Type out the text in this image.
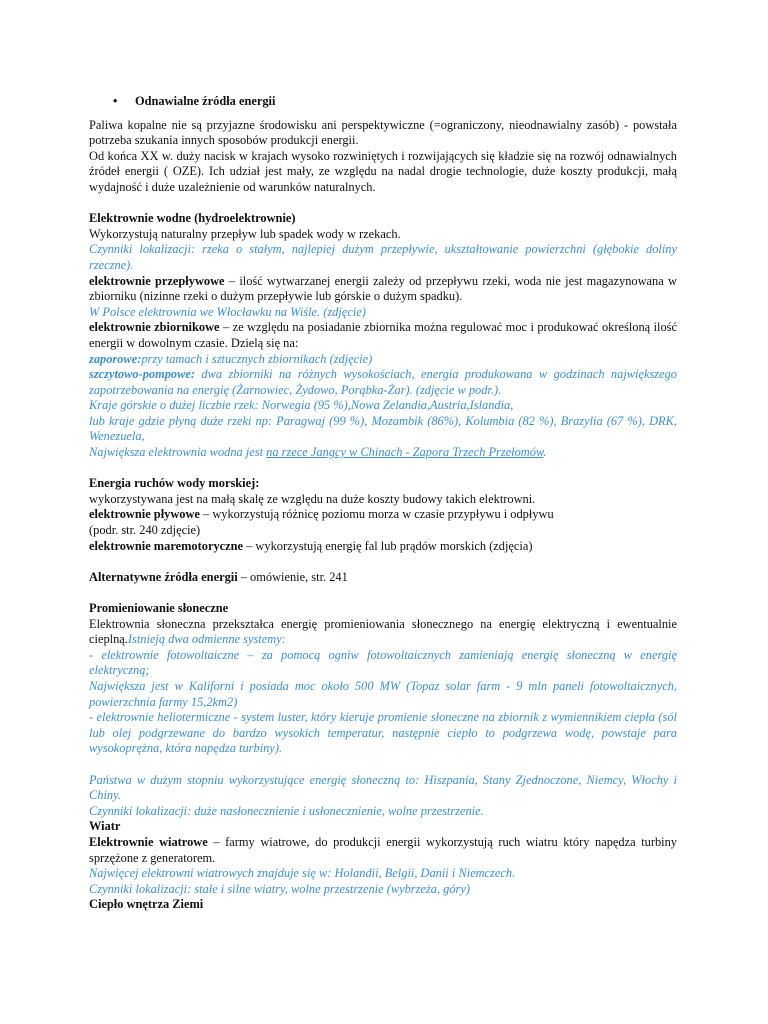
• Odnawialne źródła energii

Paliwa kopalne nie są przyjazne środowisku ani perspektywiczne (=ograniczony, nieodnawialny zasób) - powstała potrzeba szukania innych sposobów produkcji energii.

Od końca XX w. duży nacisk w krajach wysoko rozwiniętych i rozwijających się kładzie się na rozwój odnawialnych źródeł energii ( OZE). Ich udział jest mały, ze względu na nadal drogie technologie, duże koszty produkcji, małą wydajność i duże uzależnienie od warunków naturalnych.

Elektrownie wodne (hydroelektrownie)

Wykorzystują naturalny przepływ lub spadek wody w rzekach.

Czynniki lokalizacji: rzeka o stałym, najlepiej dużym przepływie, ukształtowanie powierzchni (głębokie doliny rzeczne).

elektrownie przepływowe – ilość wytwarzanej energii zależy od przepływu rzeki, woda nie jest magazynowana w zbiorniku (nizinne rzeki o dużym przepływie lub górskie o dużym spadku).

W Polsce elektrownia we Włocławku na Wiśle. (zdjęcie)

elektrownie zbiornikowe – ze względu na posiadanie zbiornika można regulować moc i produkować określoną ilość energii w dowolnym czasie. Dzielą się na:

zaporowe:przy tamach i sztucznych zbiornikach (zdjęcie)

szczytowo-pompowe: dwa zbiorniki na różnych wysokościach, energia produkowana w godzinach największego zapotrzebowania na energię (Żarnowiec, Żydowo, Porąbka-Żar). (zdjęcie w podr.).

Kraje górskie o dużej liczbie rzek: Norwegia (95 %),Nowa Zelandia,Austria,Islandia,

lub kraje gdzie płyną duże rzeki np: Paragwaj (99 %), Mozambik (86%), Kolumbia (82 %), Brazylia (67 %), DRK, Wenezuela,

Największa elektrownia wodna jest na rzece Jangcy w Chinach - Zapora Trzech Przełomów.

Energia ruchów wody morskiej:

wykorzystywana jest na małą skalę ze względu na duże koszty budowy takich elektrowni.

elektrownie pływowe – wykorzystują różnicę poziomu morza w czasie przypływu i odpływu

(podr. str. 240 zdjęcie)

elektrownie maremotoryczne – wykorzystują energię fal lub prądów morskich (zdjęcia)

Alternatywne źródła energii – omówienie, str. 241

Promieniowanie słoneczne

Elektrownia słoneczna przekształca energię promieniowania słonecznego na energię elektryczną i ewentualnie cieplną.Istnieją dwa odmienne systemy:

- elektrownie fotowoltaiczne – za pomocą ogniw fotowoltaicznych zamieniają energię słoneczną w energię elektryczną;

Największa jest w Kaliforni i posiada moc około 500 MW (Topaz solar farm - 9 mln paneli fotowoltaicznych, powierzchnia farmy 15,2km2)

- elektrownie heliotermiczne - system luster, który kieruje promienie słoneczne na zbiornik z wymiennikiem ciepła (sól lub olej podgrzewane do bardzo wysokich temperatur, następnie ciepło to podgrzewa wodę, powstaje para wysokoprężna, która napędza turbiny).

Państwa w dużym stopniu wykorzystujące energię słoneczną to: Hiszpania, Stany Zjednoczone, Niemcy, Włochy i Chiny.

Czynniki lokalizacji: duże nasłonecznienie i usłonecznienie, wolne przestrzenie.

Wiatr

Elektrownie wiatrowe – farmy wiatrowe, do produkcji energii wykorzystują ruch wiatru który napędza turbiny sprzężone z generatorem.

Najwięcej elektrowni wiatrowych znajduje się w: Holandii, Belgii, Danii i Niemczech.

Czynniki lokalizacji: stałe i silne wiatry, wolne przestrzenie (wybrzeża, góry)

Ciepło wnętrza Ziemi
